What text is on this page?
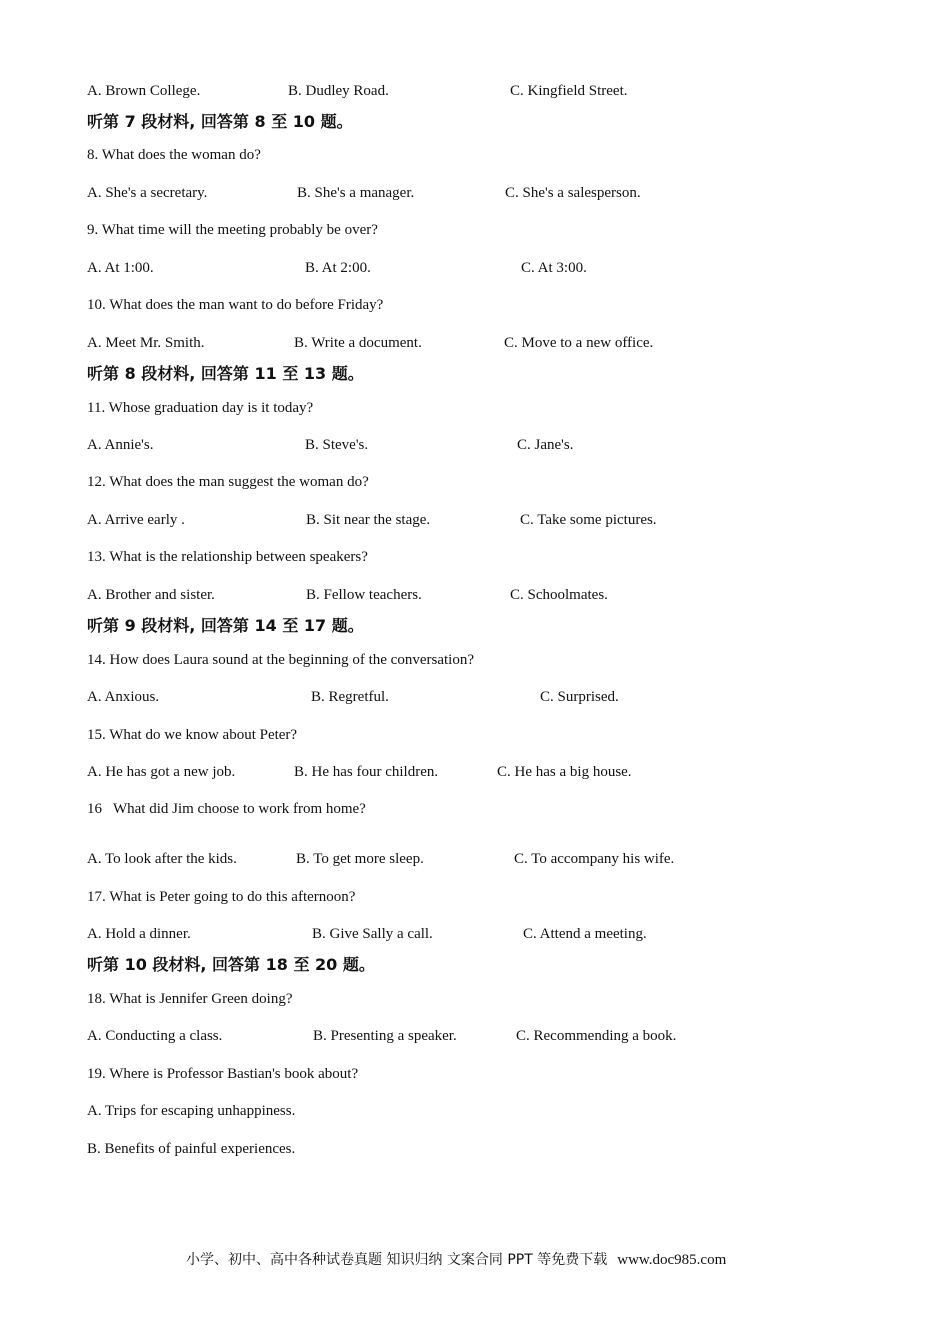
A. Brown College.	B. Dudley Road.	C. Kingfield Street.
听第 7 段材料, 回答第 8 至 10 题。
8. What does the woman do?
A. She's a secretary.	B. She's a manager.	C. She's a salesperson.
9. What time will the meeting probably be over?
A. At 1:00.	B. At 2:00.	C. At 3:00.
10. What does the man want to do before Friday?
A. Meet Mr. Smith.	B. Write a document.	C. Move to a new office.
听第 8 段材料, 回答第 11 至 13 题。
11. Whose graduation day is it today?
A. Annie's.	B. Steve's.	C. Jane's.
12. What does the man suggest the woman do?
A. Arrive early .	B. Sit near the stage.	C. Take some pictures.
13. What is the relationship between speakers?
A. Brother and sister.	B. Fellow teachers.	C. Schoolmates.
听第 9 段材料, 回答第 14 至 17 题。
14. How does Laura sound at the beginning of the conversation?
A. Anxious.	B. Regretful.	C. Surprised.
15. What do we know about Peter?
A. He has got a new job.	B. He has four children.	C. He has a big house.
16   What did Jim choose to work from home?
A. To look after the kids.	B. To get more sleep.	C. To accompany his wife.
17. What is Peter going to do this afternoon?
A. Hold a dinner.	B. Give Sally a call.	C. Attend a meeting.
听第 10 段材料, 回答第 18 至 20 题。
18. What is Jennifer Green doing?
A. Conducting a class.	B. Presenting a speaker.	C. Recommending a book.
19. Where is Professor Bastian's book about?
A. Trips for escaping unhappiness.
B. Benefits of painful experiences.
小学、初中、高中各种试卷真题 知识归纳 文案合同 PPT 等免费下载 www.doc985.com
